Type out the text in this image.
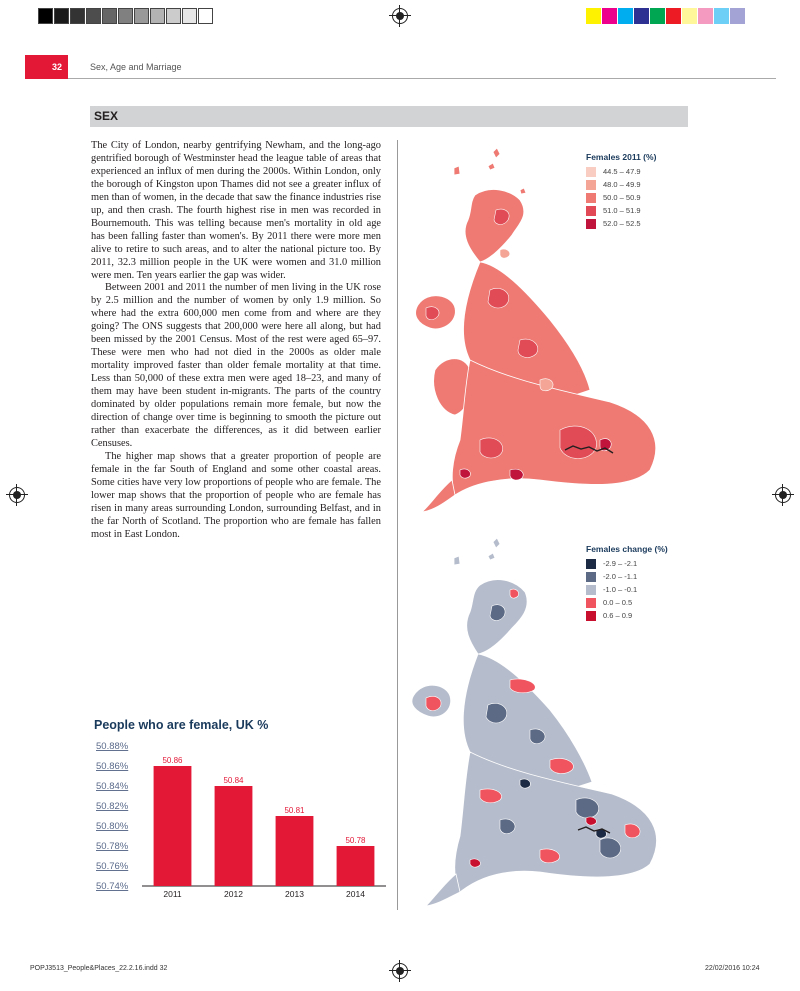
32	Sex, Age and Marriage
SEX

The City of London, nearby gentrifying Newham, and the long-ago gentrified borough of Westminster head the league table of areas that experienced an influx of men during the 2000s. Within London, only the borough of Kingston upon Thames did not see a greater influx of men than of women, in the decade that saw the finance industries rise up, and then crash. The fourth highest rise in men was recorded in Bournemouth. This was telling because men's mortality in old age has been falling faster than women's. By 2011 there were more men alive to retire to such areas, and to alter the national picture too. By 2011, 32.3 million people in the UK were women and 31.0 million were men. Ten years earlier the gap was wider.

Between 2001 and 2011 the number of men living in the UK rose by 2.5 million and the number of women by only 1.9 million. So where had the extra 600,000 men come from and where are they going? The ONS suggests that 200,000 were here all along, but had been missed by the 2001 Census. Most of the rest were aged 65–97. These were men who had not died in the 2000s as older male mortality improved faster than older female mortality at that time. Less than 50,000 of these extra men were aged 18–23, and many of them may have been student in-migrants. The parts of the country dominated by older populations remain more female, but now the direction of change over time is beginning to smooth the picture out rather than exacerbate the differences, as it did between earlier Censuses.

The higher map shows that a greater proportion of people are female in the far South of England and some other coastal areas. Some cities have very low proportions of people who are female. The lower map shows that the proportion of people who are female has risen in many areas surrounding London, surrounding Belfast, and in the far North of Scotland. The proportion who are female has fallen most in East London.

Females 2011 (%)
44.5 – 47.9
48.0 – 49.9
50.0 – 50.9
51.0 – 51.9
52.0 – 52.5
Females change (%)
-2.9 – -2.1
-2.0 – -1.1
-1.0 – -0.1
0.0 – 0.5
0.6 – 0.9
People who are female, UK %
50.74%
50.76%
50.78%
50.80%
50.82%
50.84%
50.86%
50.88%
50.86
2011
50.84
2012
50.81
2013
50.78
2014
POPJ3513_People&Places_22.2.16.indd 32	22/02/2016 10:24
